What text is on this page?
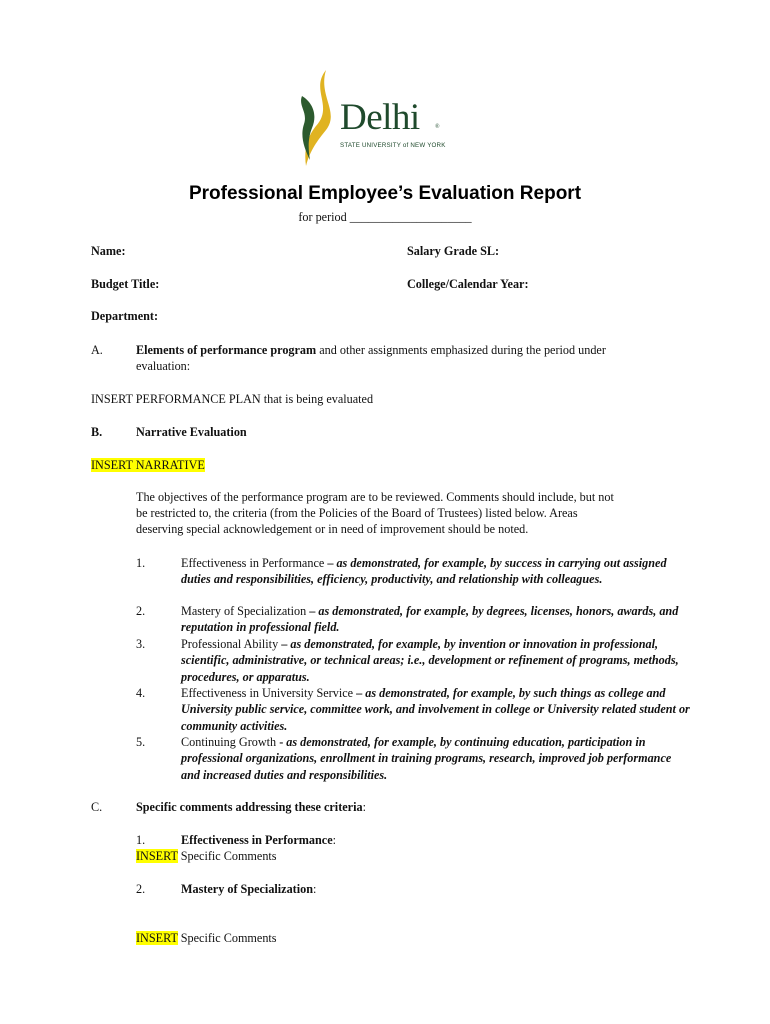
Delhi	®
STATE UNIVERSITY of NEW YORK
Professional Employee’s Evaluation Report
for period ____________________
Name:	Salary Grade SL:
Budget Title:	College/Calendar Year:
Department:
A.	Elements of performance program and other assignments emphasized during the period under
evaluation:
INSERT PERFORMANCE PLAN that is being evaluated
B.	Narrative Evaluation
INSERT NARRATIVE
The objectives of the performance program are to be reviewed. Comments should include, but not
be restricted to, the criteria (from the Policies of the Board of Trustees) listed below. Areas
deserving special acknowledgement or in need of improvement should be noted.
1.	Effectiveness in Performance – as demonstrated, for example, by success in carrying out assigned duties and responsibilities, efficiency, productivity, and relationship with colleagues.
2.	Mastery of Specialization – as demonstrated, for example, by degrees, licenses, honors, awards, and reputation in professional field.
3.	Professional Ability – as demonstrated, for example, by invention or innovation in professional, scientific, administrative, or technical areas; i.e., development or refinement of programs, methods, procedures, or apparatus.
4.	Effectiveness in University Service – as demonstrated, for example, by such things as college and University public service, committee work, and involvement in college or University related student or community activities.
5.	Continuing Growth - as demonstrated, for example, by continuing education, participation in professional organizations, enrollment in training programs, research, improved job performance and increased duties and responsibilities.
C.	Specific comments addressing these criteria:
1.	Effectiveness in Performance:
INSERT Specific Comments
2.	Mastery of Specialization:
INSERT Specific Comments
